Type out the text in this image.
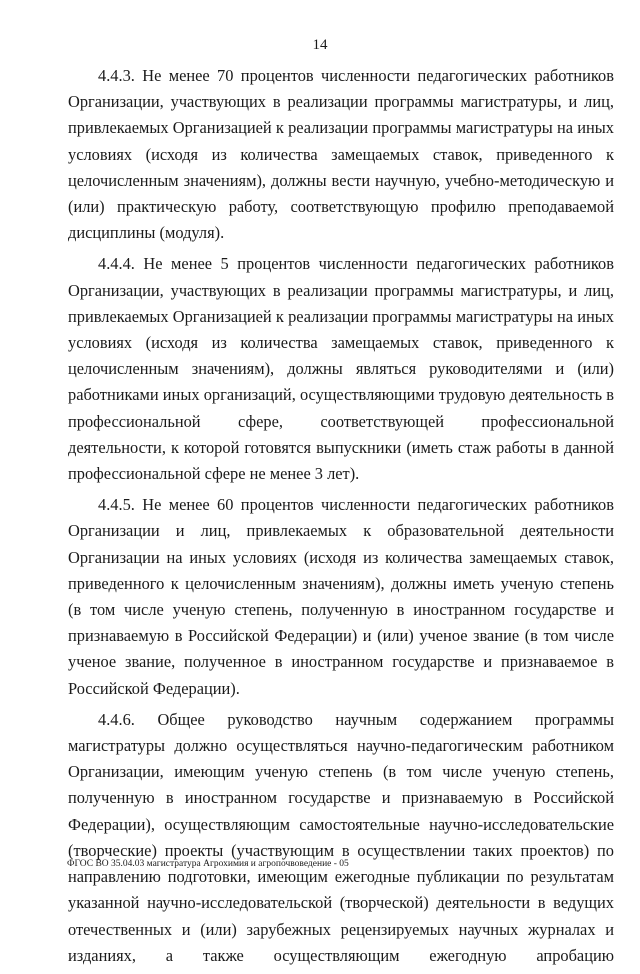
14

4.4.3. Не менее 70 процентов численности педагогических работников Организации, участвующих в реализации программы магистратуры, и лиц, привлекаемых Организацией к реализации программы магистратуры на иных условиях (исходя из количества замещаемых ставок, приведенного к целочисленным значениям), должны вести научную, учебно-методическую и (или) практическую работу, соответствующую профилю преподаваемой дисциплины (модуля).

4.4.4. Не менее 5 процентов численности педагогических работников Организации, участвующих в реализации программы магистратуры, и лиц, привлекаемых Организацией к реализации программы магистратуры на иных условиях (исходя из количества замещаемых ставок, приведенного к целочисленным значениям), должны являться руководителями и (или) работниками иных организаций, осуществляющими трудовую деятельность в профессиональной сфере, соответствующей профессиональной деятельности, к которой готовятся выпускники (иметь стаж работы в данной профессиональной сфере не менее 3 лет).

4.4.5. Не менее 60 процентов численности педагогических работников Организации и лиц, привлекаемых к образовательной деятельности Организации на иных условиях (исходя из количества замещаемых ставок, приведенного к целочисленным значениям), должны иметь ученую степень (в том числе ученую степень, полученную в иностранном государстве и признаваемую в Российской Федерации) и (или) ученое звание (в том числе ученое звание, полученное в иностранном государстве и признаваемое в Российской Федерации).

4.4.6. Общее руководство научным содержанием программы магистратуры должно осуществляться научно-педагогическим работником Организации, имеющим ученую степень (в том числе ученую степень, полученную в иностранном государстве и признаваемую в Российской Федерации), осуществляющим самостоятельные научно-исследовательские (творческие) проекты (участвующим в осуществлении таких проектов) по направлению подготовки, имеющим ежегодные публикации по результатам указанной научно-исследовательской (творческой) деятельности в ведущих отечественных и (или) зарубежных рецензируемых научных журналах и изданиях, а также осуществляющим ежегодную апробацию

ФГОС ВО 35.04.03 магистратура Агрохимия и агропочвоведение - 05
